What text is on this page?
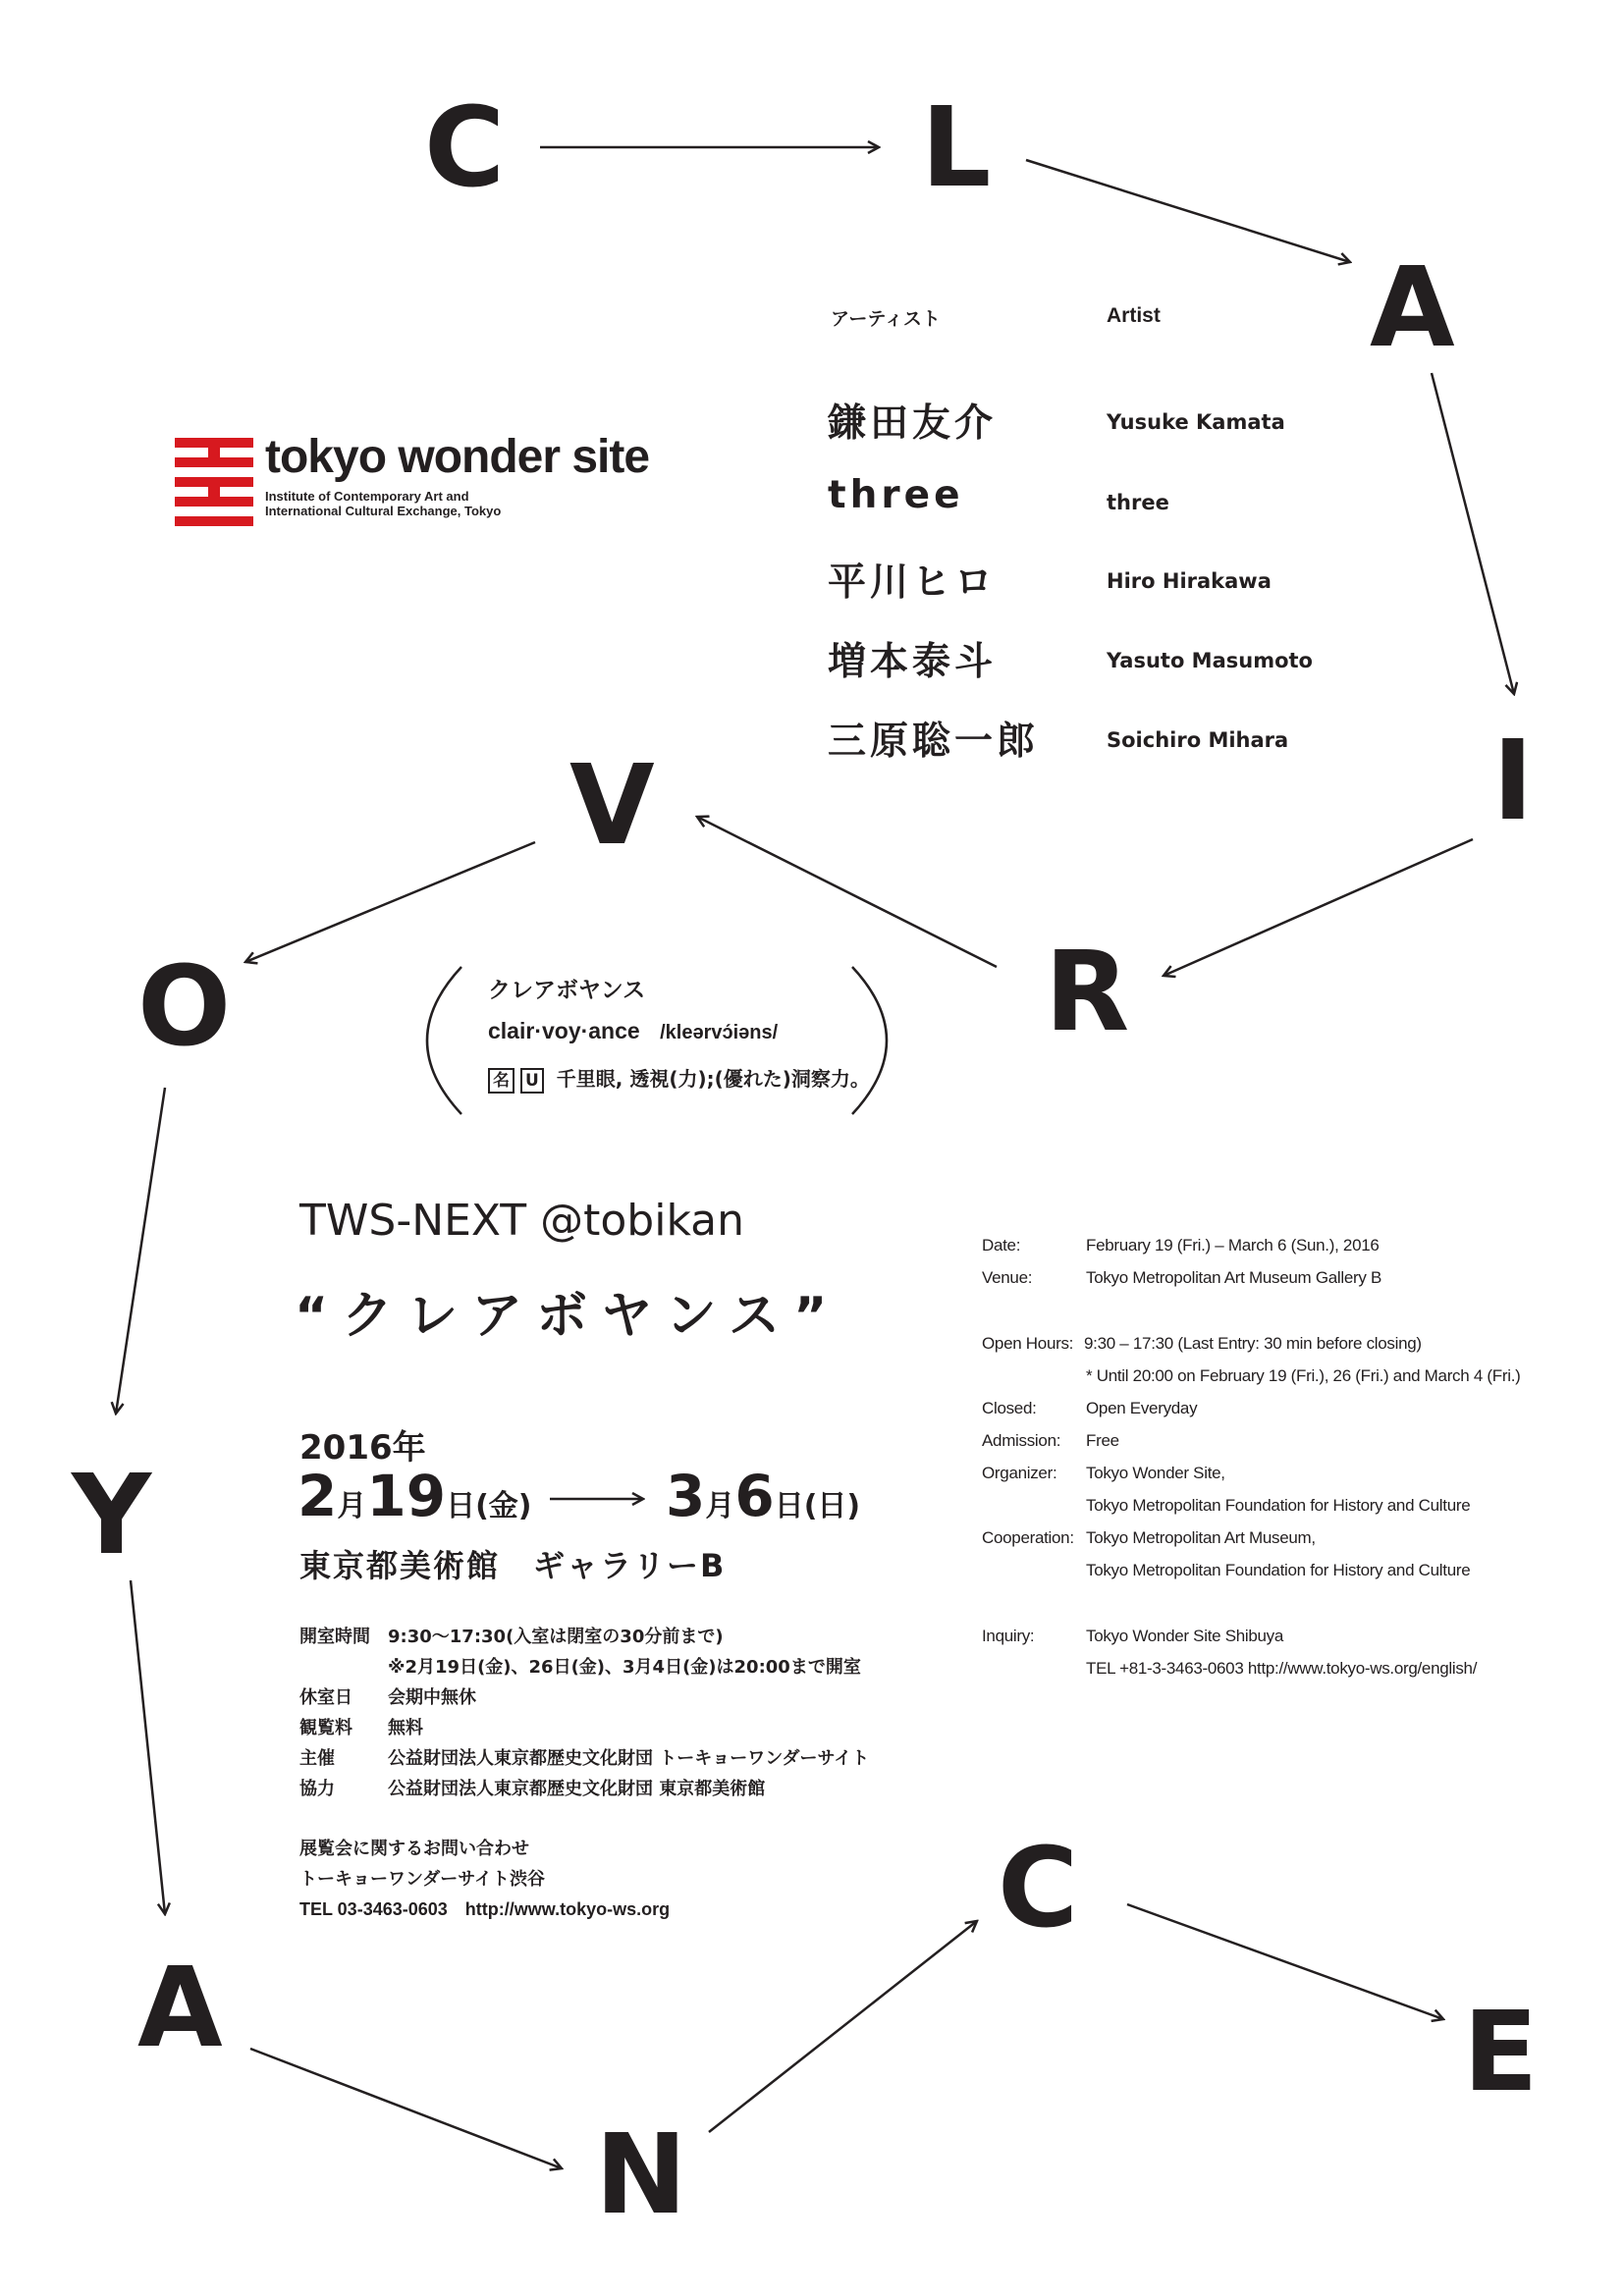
C	L
A
I
R
V
O
Y
A
N
C
E
tokyo wonder site
Institute of Contemporary Art and
International Cultural Exchange, Tokyo
アーティスト	Artist
鎌田友介	Yusuke Kamata
three	three
平川ヒロ	Hiro Hirakawa
増本泰斗	Yasuto Masumoto
三原聡一郎	Soichiro Mihara
クレアボヤンス
clair·voy·ance /kleərvɔ́iəns/
名 U 千里眼, 透視(力);(優れた)洞察力。
TWS-NEXT @tobikan
“クレアボヤンス”
2016年
2月19日(金) 3月6日(日)
東京都美術館　ギャラリーB
開室時間 9:30〜17:30(入室は閉室の30分前まで)
※2月19日(金)、26日(金)、3月4日(金)は20:00まで開室
休室日 会期中無休
観覧料 無料
主催	公益財団法人東京都歴史文化財団 トーキョーワンダーサイト
協力	公益財団法人東京都歴史文化財団 東京都美術館
展覧会に関するお問い合わせ
トーキョーワンダーサイト渋谷
TEL 03-3463-0603　http://www.tokyo-ws.org
Date:	February 19 (Fri.) – March 6 (Sun.), 2016
Venue:	Tokyo Metropolitan Art Museum Gallery B
Open Hours: 9:30 – 17:30 (Last Entry: 30 min before closing)
* Until 20:00 on February 19 (Fri.), 26 (Fri.) and March 4 (Fri.)
Closed:	Open Everyday
Admission: Free
Organizer: Tokyo Wonder Site,
Tokyo Metropolitan Foundation for History and Culture
Cooperation: Tokyo Metropolitan Art Museum,
Tokyo Metropolitan Foundation for History and Culture
Inquiry:	Tokyo Wonder Site Shibuya
TEL +81-3-3463-0603 http://www.tokyo-ws.org/english/
